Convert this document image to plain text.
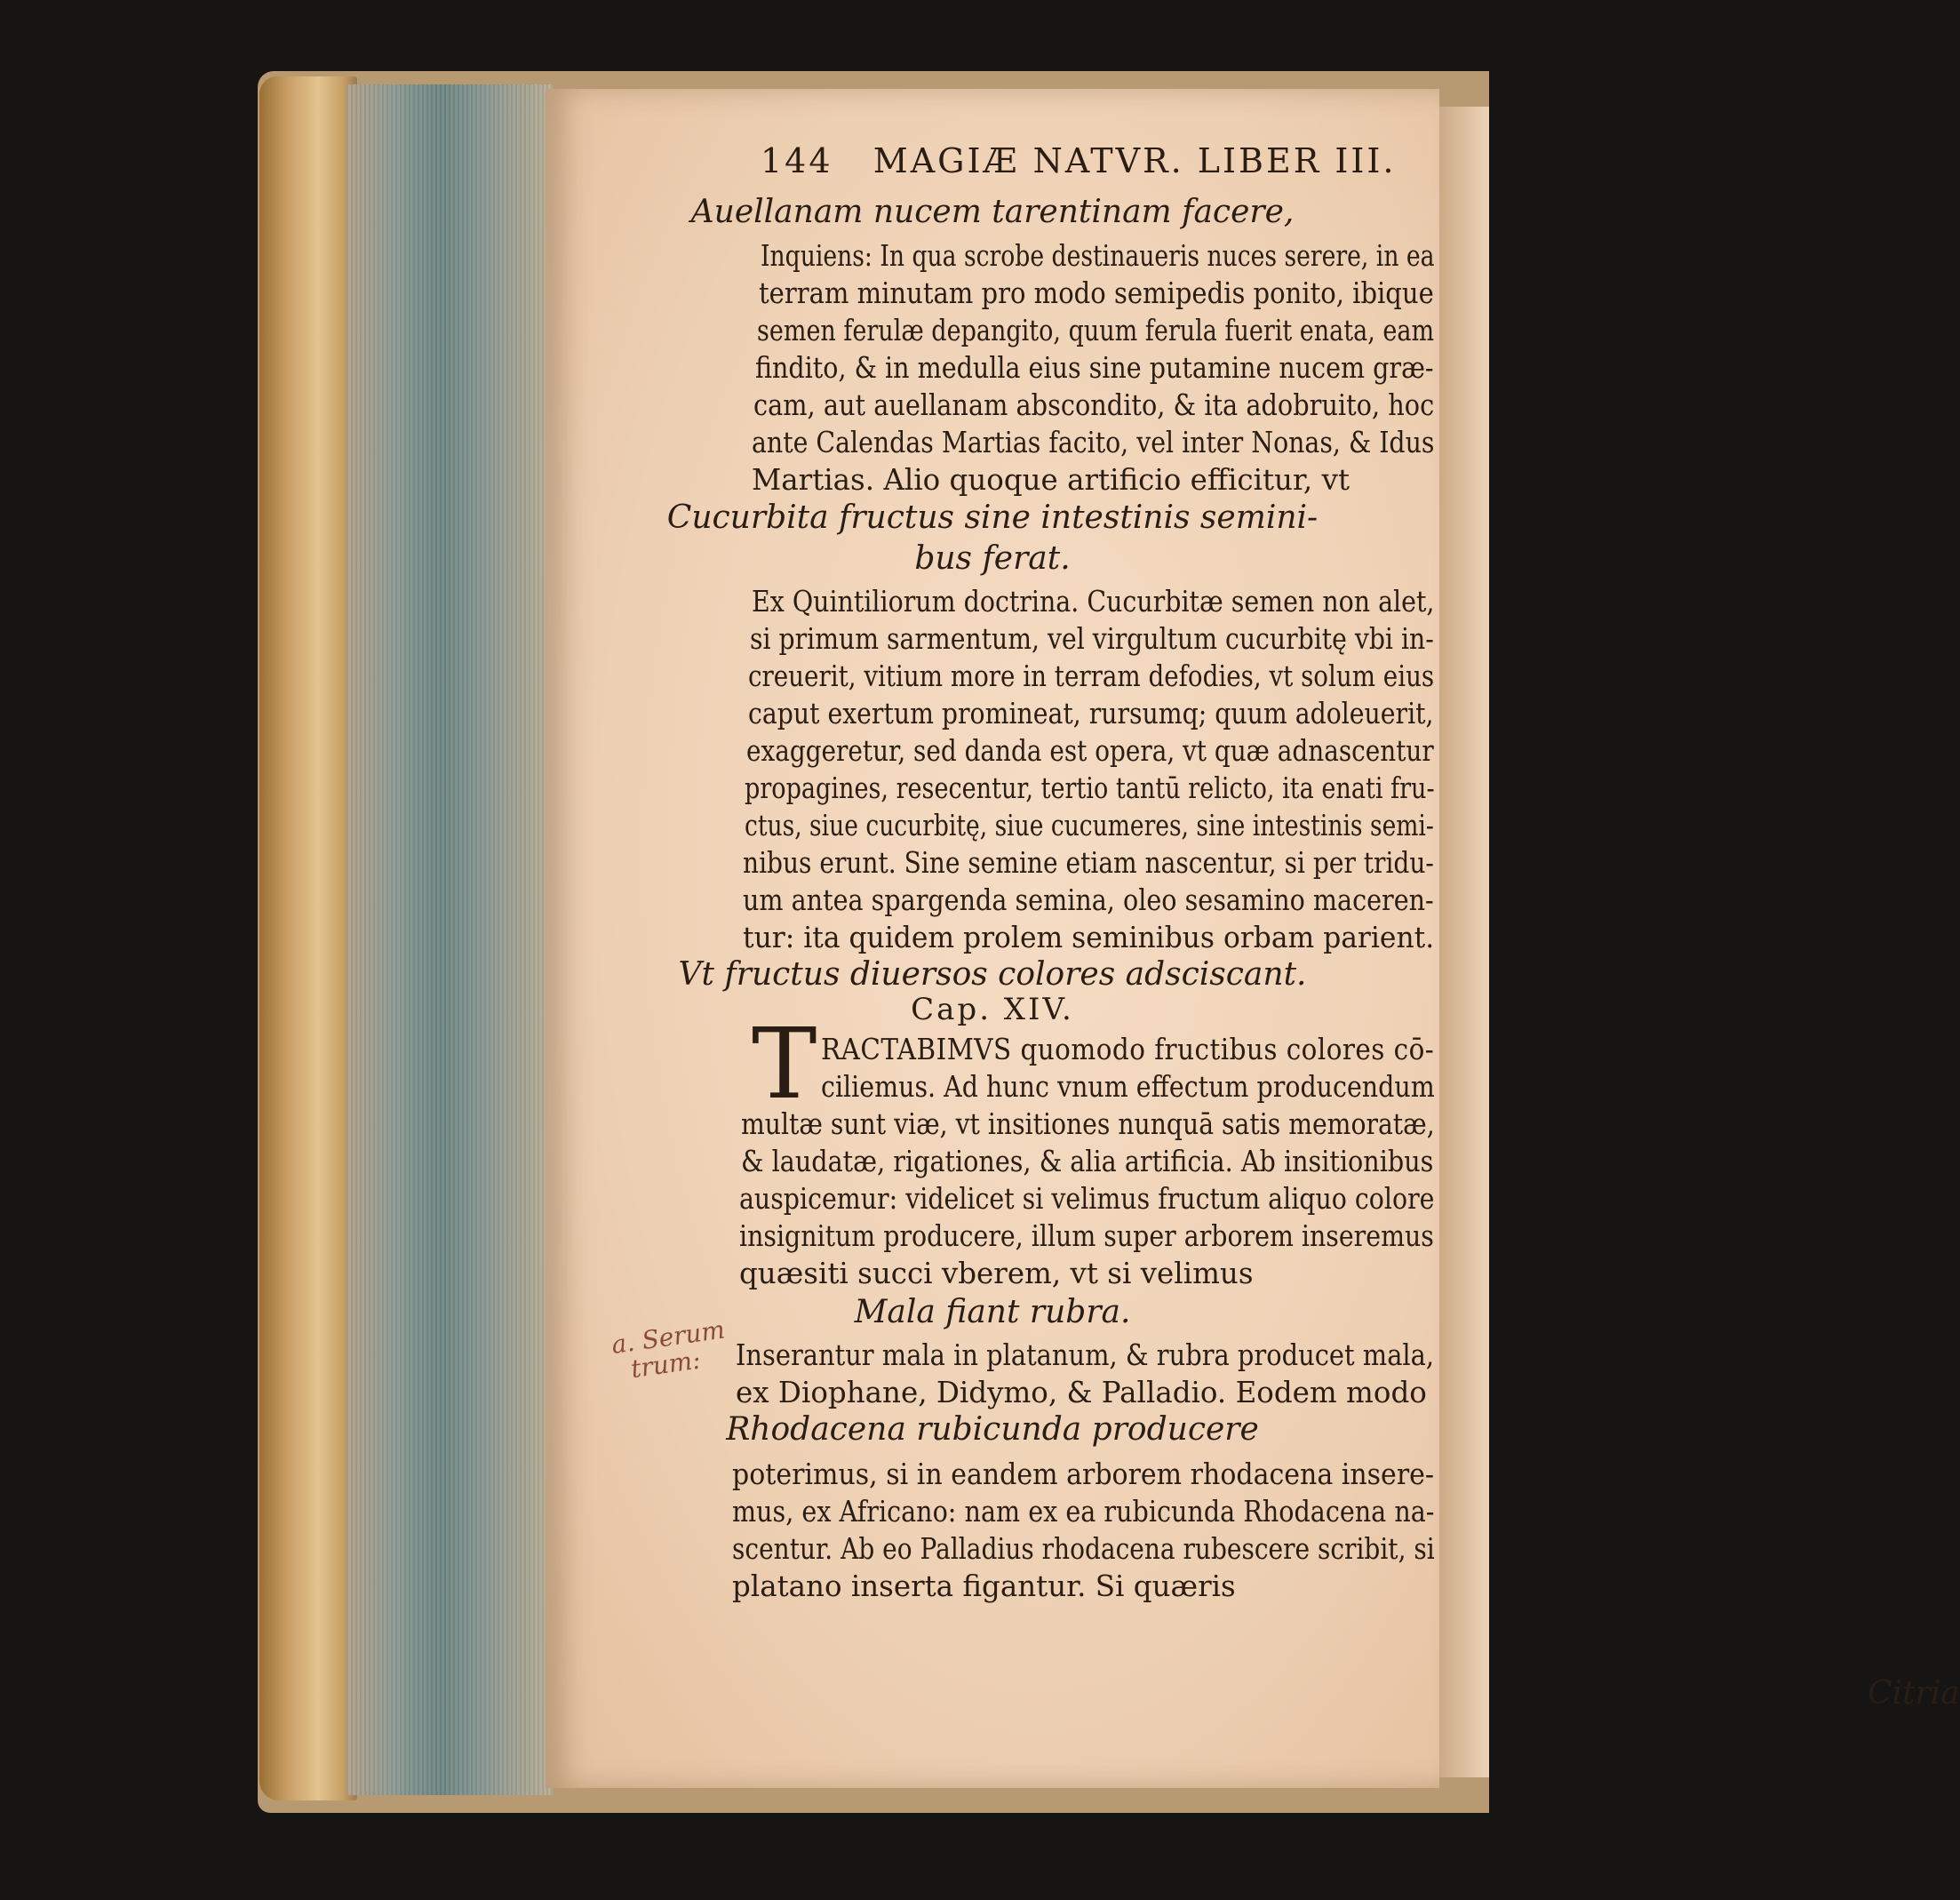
144 MAGIÆ NATVR. LIBER III.
Auellanam nucem tarentinam facere,
Inquiens: In qua scrobe destinaueris nuces serere, in ea
terram minutam pro modo semipedis ponito, ibique
semen ferulæ depangito, quum ferula fuerit enata, eam
findito, & in medulla eius sine putamine nucem græ-
cam, aut auellanam abscondito, & ita adobruito, hoc
ante Calendas Martias facito, vel inter Nonas, & Idus
Martias. Alio quoque artificio efficitur, vt
Cucurbita fructus sine intestinis semini-
bus ferat.
Ex Quintiliorum doctrina. Cucurbitæ semen non alet,
si primum sarmentum, vel virgultum cucurbitę vbi in-
creuerit, vitium more in terram defodies, vt solum eius
caput exertum promineat, rursumq; quum adoleuerit,
exaggeretur, sed danda est opera, vt quæ adnascentur
propagines, resecentur, tertio tantū relicto, ita enati fru-
ctus, siue cucurbitę, siue cucumeres, sine intestinis semi-
nibus erunt. Sine semine etiam nascentur, si per tridu-
um antea spargenda semina, oleo sesamino maceren-
tur: ita quidem prolem seminibus orbam parient.
Vt fructus diuersos colores adsciscant.
Cap. XIV.
T RACTABIMVS quomodo fructibus colores cō-
ciliemus. Ad hunc vnum effectum producendum
multæ sunt viæ, vt insitiones nunquā satis memoratæ,
& laudatæ, rigationes, & alia artificia. Ab insitionibus
auspicemur: videlicet si velimus fructum aliquo colore
insignitum producere, illum super arborem inseremus
quæsiti succi vberem, vt si velimus
Mala fiant rubra.
Inserantur mala in platanum, & rubra producet mala,
ex Diophane, Didymo, & Palladio. Eodem modo
Rhodacena rubicunda producere
poterimus, si in eandem arborem rhodacena insere-
mus, ex Africano: nam ex ea rubicunda Rhodacena na-
scentur. Ab eo Palladius rhodacena rubescere scribit, si
platano inserta figantur. Si quæris
Citria
a. Serum
trum:
